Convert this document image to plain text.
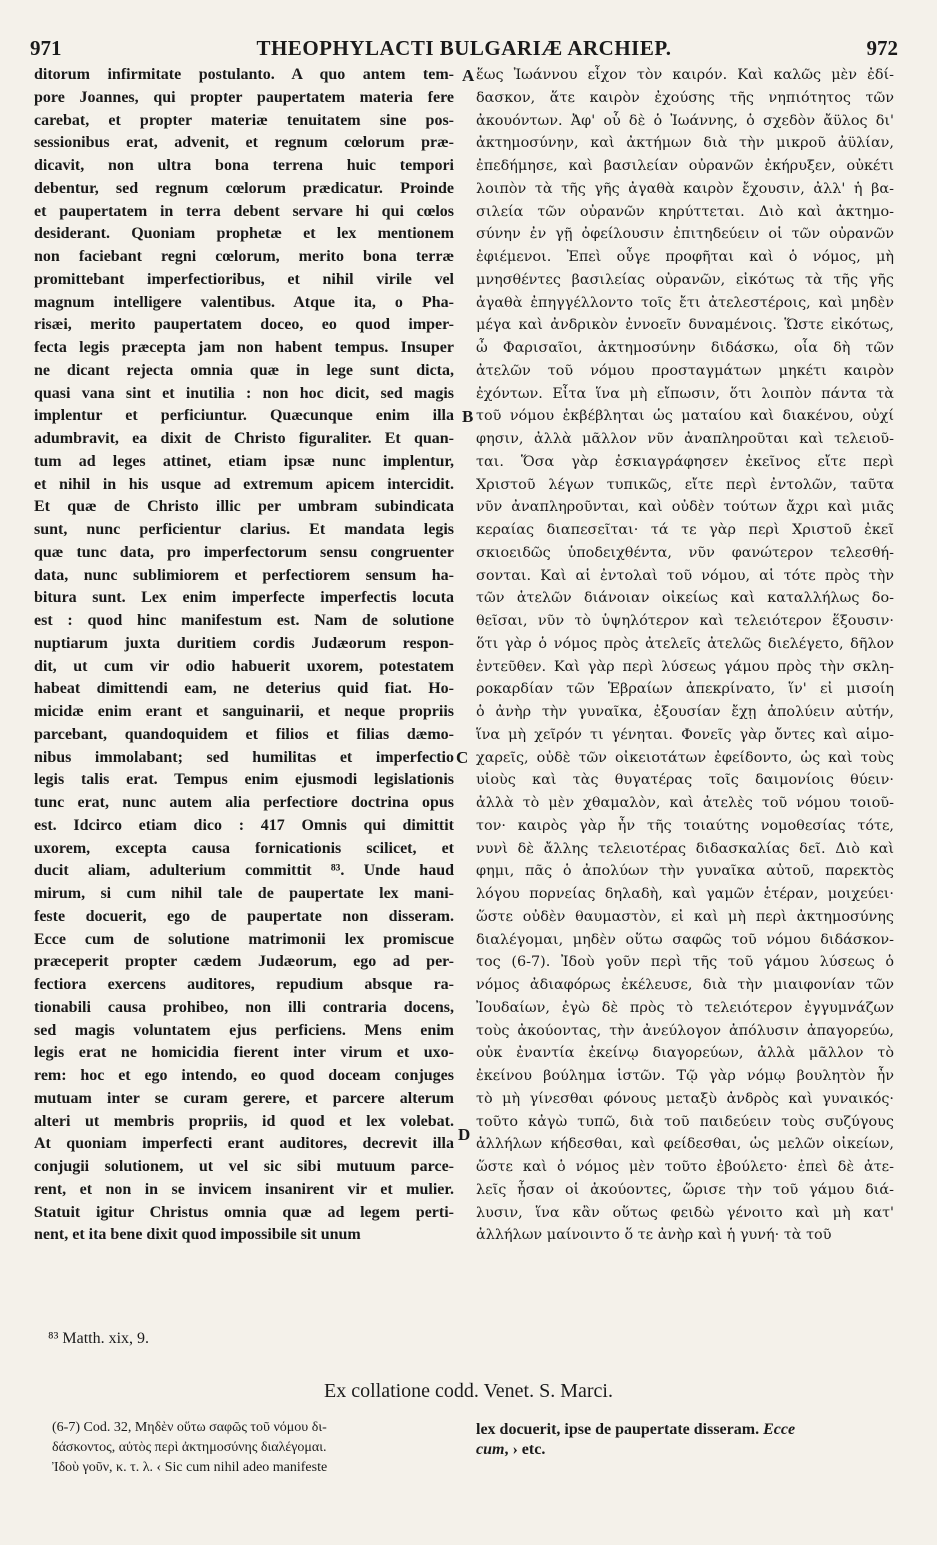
971	THEOPHYLACTI BULGARIÆ ARCHIEP.	972
ditorum infirmitate postulanto. A quo antem tem-
pore Joannes, qui propter paupertatem materia fere
carebat, et propter materiæ tenuitatem sine pos-
sessionibus erat, advenit, et regnum cœlorum præ-
dicavit, non ultra bona terrena huic tempori
debentur, sed regnum cœlorum prædicatur. Proinde
et paupertatem in terra debent servare hi qui cœlos
desiderant. Quoniam prophetæ et lex mentionem
non faciebant regni cœlorum, merito bona terræ
promittebant imperfectioribus, et nihil virile vel
magnum intelligere valentibus. Atque ita, o Pha-
risæi, merito paupertatem doceo, eo quod imper-
fecta legis præcepta jam non habent tempus. Insuper
ne dicant rejecta omnia quæ in lege sunt dicta,
quasi vana sint et inutilia : non hoc dicit, sed magis
implentur et perficiuntur. Quæcunque enim illa
adumbravit, ea dixit de Christo figuraliter. Et quan-
tum ad leges attinet, etiam ipsæ nunc implentur,
et nihil in his usque ad extremum apicem intercidit.
Et quæ de Christo illic per umbram subindicata
sunt, nunc perficientur clarius. Et mandata legis
quæ tunc data, pro imperfectorum sensu congruenter
data, nunc sublimiorem et perfectiorem sensum ha-
bitura sunt. Lex enim imperfecte imperfectis locuta
est : quod hinc manifestum est. Nam de solutione
nuptiarum juxta duritiem cordis Judæorum respon-
dit, ut cum vir odio habuerit uxorem, potestatem
habeat dimittendi eam, ne deterius quid fiat. Ho-
micidæ enim erant et sanguinarii, et neque propriis
parcebant, quandoquidem et filios et filias dæmo-
nibus immolabant; sed humilitas et imperfectio
legis talis erat. Tempus enim ejusmodi legislationis
tunc erat, nunc autem alia perfectiore doctrina opus
est. Idcirco etiam dico : 417 Omnis qui dimittit
uxorem, excepta causa fornicationis scilicet, et
ducit aliam, adulterium committit ⁸³. Unde haud
mirum, si cum nihil tale de paupertate lex mani-
feste docuerit, ego de paupertate non disseram.
Ecce cum de solutione matrimonii lex promiscue
præceperit propter cædem Judæorum, ego ad per-
fectiora exercens auditores, repudium absque ra-
tionabili causa prohibeo, non illi contraria docens,
sed magis voluntatem ejus perficiens. Mens enim
legis erat ne homicidia fierent inter virum et uxo-
rem: hoc et ego intendo, eo quod doceam conjuges
mutuam inter se curam gerere, et parcere alterum
alteri ut membris propriis, id quod et lex volebat.
At quoniam imperfecti erant auditores, decrevit illa
conjugii solutionem, ut vel sic sibi mutuum parce-
rent, et non in se invicem insanirent vir et mulier.
Statuit igitur Christus omnia quæ ad legem perti-
nent, et ita bene dixit quod impossibile sit unum
ἕως Ἰωάννου εἶχον τὸν καιρόν. Καὶ καλῶς μὲν ἐδί-
δασκον, ἅτε καιρὸν ἐχούσης τῆς νηπιότητος τῶν
ἀκουόντων. Ἀφ' οὗ δὲ ὁ Ἰωάννης, ὁ σχεδὸν ἄϋλος δι'
ἀκτημοσύνην, καὶ ἀκτήμων διὰ τὴν μικροῦ ἀϋλίαν,
ἐπεδήμησε, καὶ βασιλείαν οὐρανῶν ἐκήρυξεν, οὐκέτι
λοιπὸν τὰ τῆς γῆς ἀγαθὰ καιρὸν ἔχουσιν, ἀλλ' ἡ βα-
σιλεία τῶν οὐρανῶν κηρύττεται. Διὸ καὶ ἀκτημο-
σύνην ἐν γῇ ὀφείλουσιν ἐπιτηδεύειν οἱ τῶν οὐρανῶν
ἐφιέμενοι. Ἐπεὶ οὖγε προφῆται καὶ ὁ νόμος, μὴ
μνησθέντες βασιλείας οὐρανῶν, εἰκότως τὰ τῆς γῆς
ἀγαθὰ ἐπηγγέλλοντο τοῖς ἔτι ἀτελεστέροις, καὶ μηδὲν
μέγα καὶ ἀνδρικὸν ἐννοεῖν δυναμένοις. Ὥστε εἰκότως,
ὦ Φαρισαῖοι, ἀκτημοσύνην διδάσκω, οἷα δὴ τῶν
ἀτελῶν τοῦ νόμου προσταγμάτων μηκέτι καιρὸν
ἐχόντων. Εἶτα ἵνα μὴ εἴπωσιν, ὅτι λοιπὸν πάντα τὰ
τοῦ νόμου ἐκβέβληται ὡς ματαίου καὶ διακένου, οὐχί
φησιν, ἀλλὰ μᾶλλον νῦν ἀναπληροῦται καὶ τελειοῦ-
ται. Ὅσα γὰρ ἐσκιαγράφησεν ἐκεῖνος εἴτε περὶ
Χριστοῦ λέγων τυπικῶς, εἴτε περὶ ἐντολῶν, ταῦτα
νῦν ἀναπληροῦνται, καὶ οὐδὲν τούτων ἄχρι καὶ μιᾶς
κεραίας διαπεσεῖται· τά τε γὰρ περὶ Χριστοῦ ἐκεῖ
σκιοειδῶς ὑποδειχθέντα, νῦν φανώτερον τελεσθή-
σονται. Καὶ αἱ ἐντολαὶ τοῦ νόμου, αἱ τότε πρὸς τὴν
τῶν ἀτελῶν διάνοιαν οἰκείως καὶ καταλλήλως δο-
θεῖσαι, νῦν τὸ ὑψηλότερον καὶ τελειότερον ἕξουσιν·
ὅτι γὰρ ὁ νόμος πρὸς ἀτελεῖς ἀτελῶς διελέγετο, δῆλον
ἐντεῦθεν. Καὶ γὰρ περὶ λύσεως γάμου πρὸς τὴν σκλη-
ροκαρδίαν τῶν Ἑβραίων ἀπεκρίνατο, ἵν' εἰ μισοίη
ὁ ἀνὴρ τὴν γυναῖκα, ἐξουσίαν ἔχῃ ἀπολύειν αὐτήν,
ἵνα μὴ χεῖρόν τι γένηται. Φονεῖς γὰρ ὄντες καὶ αἱμο-
χαρεῖς, οὐδὲ τῶν οἰκειοτάτων ἐφείδοντο, ὡς καὶ τοὺς
υἱοὺς καὶ τὰς θυγατέρας τοῖς δαιμονίοις θύειν·
ἀλλὰ τὸ μὲν χθαμαλὸν, καὶ ἀτελὲς τοῦ νόμου τοιοῦ-
τον· καιρὸς γὰρ ἦν τῆς τοιαύτης νομοθεσίας τότε,
νυνὶ δὲ ἄλλης τελειοτέρας διδασκαλίας δεῖ. Διὸ καὶ
φημι, πᾶς ὁ ἀπολύων τὴν γυναῖκα αὐτοῦ, παρεκτὸς
λόγου πορνείας δηλαδὴ, καὶ γαμῶν ἑτέραν, μοιχεύει·
ὥστε οὐδὲν θαυμαστὸν, εἰ καὶ μὴ περὶ ἀκτημοσύνης
διαλέγομαι, μηδὲν οὕτω σαφῶς τοῦ νόμου διδάσκον-
τος (6-7). Ἰδοὺ γοῦν περὶ τῆς τοῦ γάμου λύσεως ὁ
νόμος ἀδιαφόρως ἐκέλευσε, διὰ τὴν μιαιφονίαν τῶν
Ἰουδαίων, ἐγὼ δὲ πρὸς τὸ τελειότερον ἐγγυμνάζων
τοὺς ἀκούοντας, τὴν ἀνεύλογον ἀπόλυσιν ἀπαγορεύω,
οὐκ ἐναντία ἐκείνῳ διαγορεύων, ἀλλὰ μᾶλλον τὸ
ἐκείνου βούλημα ἱστῶν. Τῷ γὰρ νόμῳ βουλητὸν ἦν
τὸ μὴ γίνεσθαι φόνους μεταξὺ ἀνδρὸς καὶ γυναικός·
τοῦτο κἀγὼ τυπῶ, διὰ τοῦ παιδεύειν τοὺς συζύγους
ἀλλήλων κήδεσθαι, καὶ φείδεσθαι, ὡς μελῶν οἰκείων,
ὥστε καὶ ὁ νόμος μὲν τοῦτο ἐβούλετο· ἐπεὶ δὲ ἀτε-
λεῖς ἦσαν οἱ ἀκούοντες, ὥρισε τὴν τοῦ γάμου διά-
λυσιν, ἵνα κἂν οὕτως φειδὼ γένοιτο καὶ μὴ κατ'
ἀλλήλων μαίνοιντο ὅ τε ἀνὴρ καὶ ἡ γυνή· τὰ τοῦ
A
B
C
D
⁸³ Matth. xix, 9.
Ex collatione codd. Venet. S. Marci.
(6-7) Cod. 32, Μηδὲν οὕτω σαφῶς τοῦ νόμου δι-
δάσκοντος, αὐτὸς περὶ ἀκτημοσύνης διαλέγομαι.
Ἰδοὺ γοῦν, κ. τ. λ. ‹ Sic cum nihil adeo manifeste
lex docuerit, ipse de paupertate disseram. Ecce
cum, › etc.
